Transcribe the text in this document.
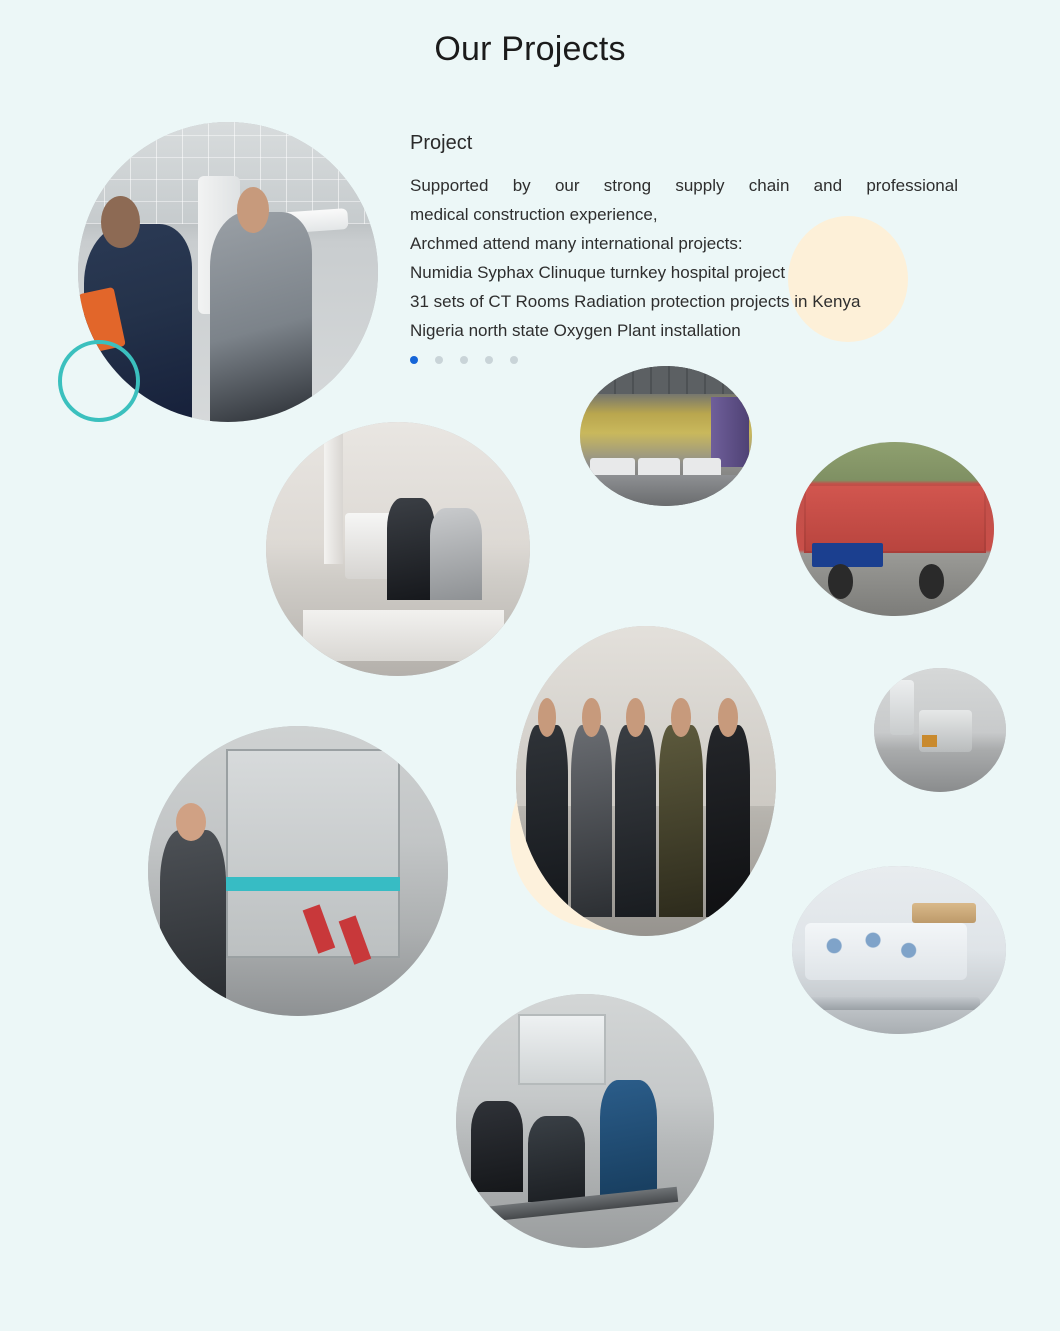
Our Projects
Project
Supported by our strong supply chain and professional
medical construction experience,
Archmed attend many international projects:
Numidia Syphax Clinuque turnkey hospital project
31 sets of CT Rooms Radiation protection projects in Kenya
Nigeria north state Oxygen Plant installation
